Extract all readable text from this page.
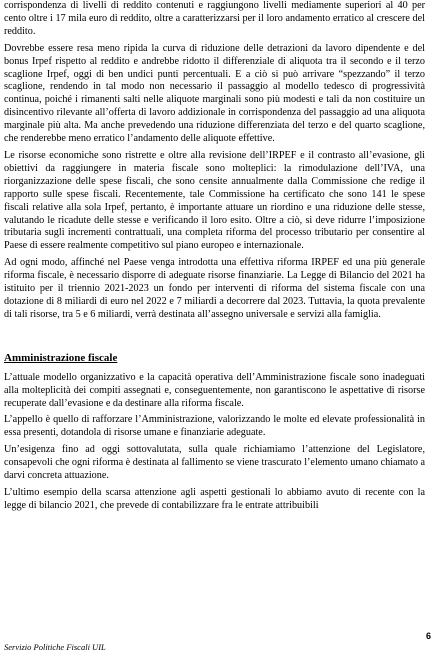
corrispondenza di livelli di reddito contenuti e raggiungono livelli mediamente superiori al 40 per cento oltre i 17 mila euro di reddito, oltre a caratterizzarsi per il loro andamento erratico al crescere del reddito.

Dovrebbe essere resa meno ripida la curva di riduzione delle detrazioni da lavoro dipendente e del bonus Irpef rispetto al reddito e andrebbe ridotto il differenziale di aliquota tra il secondo e il terzo scaglione Irpef, oggi di ben undici punti percentuali. E a ciò si può arrivare “spezzando” il terzo scaglione, rendendo in tal modo non necessario il passaggio al modello tedesco di progressività continua, poiché i rimanenti salti nelle aliquote marginali sono più modesti e tali da non costituire un disincentivo rilevante all’offerta di lavoro addizionale in corrispondenza del passaggio ad una aliquota marginale più alta. Ma anche prevedendo una riduzione differenziata del terzo e del quarto scaglione, che renderebbe meno erratico l’andamento delle aliquote effettive.

Le risorse economiche sono ristrette e oltre alla revisione dell’IRPEF e il contrasto all’evasione, gli obiettivi da raggiungere in materia fiscale sono molteplici: la rimodulazione dell’IVA, una riorganizzazione delle spese fiscali, che sono censite annualmente dalla Commissione che redige il rapporto sulle spese fiscali. Recentemente, tale Commissione ha certificato che sono 141 le spese fiscali relative alla sola Irpef, pertanto, è importante attuare un riordino e una riduzione delle stesse, valutando le ricadute delle stesse e verificando il loro esito. Oltre a ciò, si deve ridurre l’imposizione tributaria sugli incrementi contrattuali, una completa riforma del processo tributario per consentire al Paese di essere realmente competitivo sul piano europeo e internazionale.

Ad ogni modo, affinché nel Paese venga introdotta una effettiva riforma IRPEF ed una più generale riforma fiscale, è necessario disporre di adeguate risorse finanziarie. La Legge di Bilancio del 2021 ha istituito per il triennio 2021-2023 un fondo per interventi di riforma del sistema fiscale con una dotazione di 8 miliardi di euro nel 2022 e 7 miliardi a decorrere dal 2023. Tuttavia, la quota prevalente di tali risorse, tra 5 e 6 miliardi, verrà destinata all’assegno universale e servizi alla famiglia.

Amministrazione fiscale

L’attuale modello organizzativo e la capacità operativa dell’Amministrazione fiscale sono inadeguati alla molteplicità dei compiti assegnati e, conseguentemente, non garantiscono le aspettative di risorse recuperate dall’evasione e da destinare alla riforma fiscale.

L’appello è quello di rafforzare l’Amministrazione, valorizzando le molte ed elevate professionalità in essa presenti, dotandola di risorse umane e finanziarie adeguate.

Un’esigenza fino ad oggi sottovalutata, sulla quale richiamiamo l’attenzione del Legislatore, consapevoli che ogni riforma è destinata al fallimento se viene trascurato l’elemento umano chiamato a darvi concreta attuazione.

L’ultimo esempio della scarsa attenzione agli aspetti gestionali lo abbiamo avuto di recente con la legge di bilancio 2021, che prevede di contabilizzare fra le entrate attribuibili

6
Servizio Politiche Fiscali UIL
